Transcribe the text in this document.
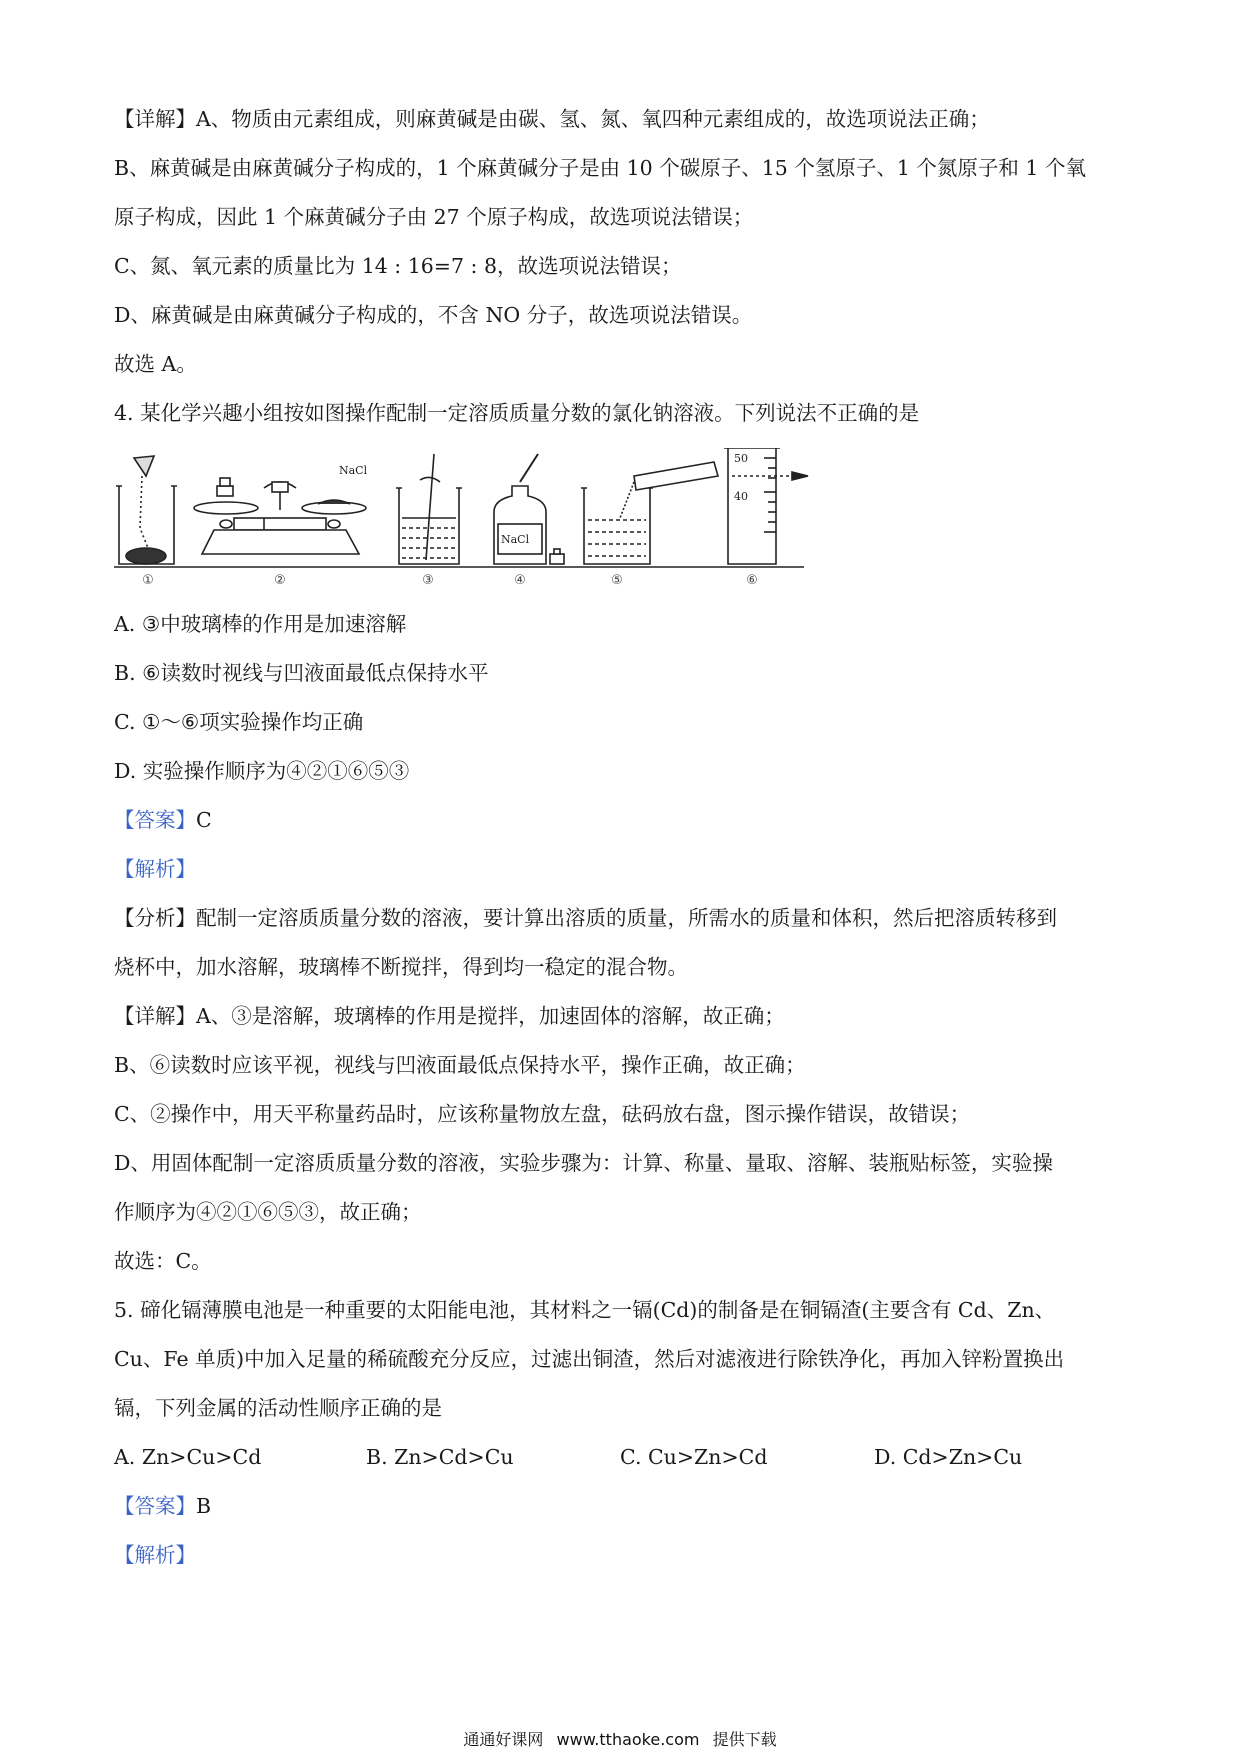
【详解】A、物质由元素组成，则麻黄碱是由碳、氢、氮、氧四种元素组成的，故选项说法正确；
B、麻黄碱是由麻黄碱分子构成的，1 个麻黄碱分子是由 10 个碳原子、15 个氢原子、1 个氮原子和 1 个氧
原子构成，因此 1 个麻黄碱分子由 27 个原子构成，故选项说法错误；
C、氮、氧元素的质量比为 14 : 16=7 : 8，故选项说法错误；
D、麻黄碱是由麻黄碱分子构成的，不含 NO 分子，故选项说法错误。
故选 A。
4. 某化学兴趣小组按如图操作配制一定溶质质量分数的氯化钠溶液。下列说法不正确的是
NaCl
NaCl
50
40
①	②	③	④	⑤	⑥
A. ③中玻璃棒的作用是加速溶解
B. ⑥读数时视线与凹液面最低点保持水平
C. ①～⑥项实验操作均正确
D. 实验操作顺序为④②①⑥⑤③
【答案】C
【解析】
【分析】配制一定溶质质量分数的溶液，要计算出溶质的质量，所需水的质量和体积，然后把溶质转移到
烧杯中，加水溶解，玻璃棒不断搅拌，得到均一稳定的混合物。
【详解】A、③是溶解，玻璃棒的作用是搅拌，加速固体的溶解，故正确；
B、⑥读数时应该平视，视线与凹液面最低点保持水平，操作正确，故正确；
C、②操作中，用天平称量药品时，应该称量物放左盘，砝码放右盘，图示操作错误，故错误；
D、用固体配制一定溶质质量分数的溶液，实验步骤为：计算、称量、量取、溶解、装瓶贴标签，实验操
作顺序为④②①⑥⑤③，故正确；
故选：C。
5. 碲化镉薄膜电池是一种重要的太阳能电池，其材料之一镉(Cd)的制备是在铜镉渣(主要含有 Cd、Zn、
Cu、Fe 单质)中加入足量的稀硫酸充分反应，过滤出铜渣，然后对滤液进行除铁净化，再加入锌粉置换出
镉，下列金属的活动性顺序正确的是
A. Zn>Cu>Cd	B. Zn>Cd>Cu	C. Cu>Zn>Cd	D. Cd>Zn>Cu
【答案】B
【解析】
通通好课网 www.tthaoke.com 提供下载
